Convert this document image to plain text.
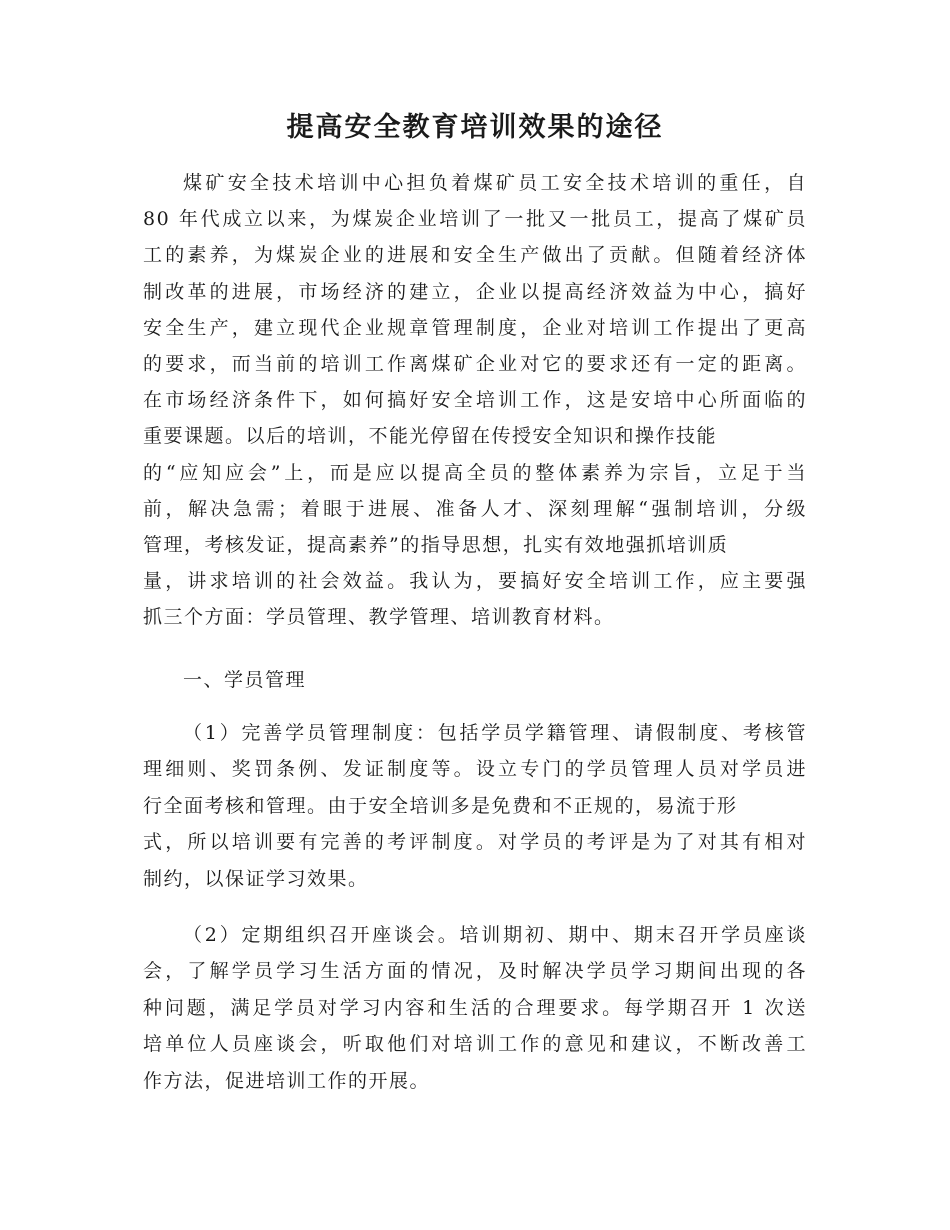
提高安全教育培训效果的途径
煤矿安全技术培训中心担负着煤矿员工安全技术培训的重任，自
80 年代成立以来，为煤炭企业培训了一批又一批员工，提高了煤矿员
工的素养，为煤炭企业的进展和安全生产做出了贡献。但随着经济体
制改革的进展，市场经济的建立，企业以提高经济效益为中心，搞好
安全生产，建立现代企业规章管理制度，企业对培训工作提出了更高
的要求，而当前的培训工作离煤矿企业对它的要求还有一定的距离。
在市场经济条件下，如何搞好安全培训工作，这是安培中心所面临的
重要课题。以后的培训，不能光停留在传授安全知识和操作技能
的“应知应会”上，而是应以提高全员的整体素养为宗旨，立足于当
前，解决急需；着眼于进展、准备人才、深刻理解“强制培训，分级
管理，考核发证，提高素养”的指导思想，扎实有效地强抓培训质
量，讲求培训的社会效益。我认为，要搞好安全培训工作，应主要强
抓三个方面：学员管理、教学管理、培训教育材料。
一、学员管理
（1）完善学员管理制度：包括学员学籍管理、请假制度、考核管
理细则、奖罚条例、发证制度等。设立专门的学员管理人员对学员进
行全面考核和管理。由于安全培训多是免费和不正规的，易流于形
式，所以培训要有完善的考评制度。对学员的考评是为了对其有相对
制约，以保证学习效果。
（2）定期组织召开座谈会。培训期初、期中、期末召开学员座谈
会，了解学员学习生活方面的情况，及时解决学员学习期间出现的各
种问题，满足学员对学习内容和生活的合理要求。每学期召开 1 次送
培单位人员座谈会，听取他们对培训工作的意见和建议，不断改善工
作方法，促进培训工作的开展。
